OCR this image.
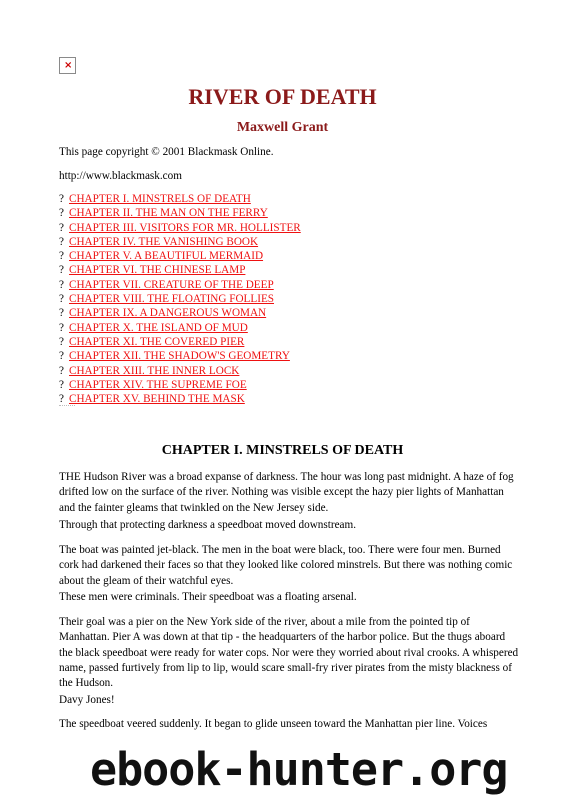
×
RIVER OF DEATH
Maxwell Grant

This page copyright © 2001 Blackmask Online.

http://www.blackmask.com

? CHAPTER I. MINSTRELS OF DEATH
? CHAPTER II. THE MAN ON THE FERRY
? CHAPTER III. VISITORS FOR MR. HOLLISTER
? CHAPTER IV. THE VANISHING BOOK
? CHAPTER V. A BEAUTIFUL MERMAID
? CHAPTER VI. THE CHINESE LAMP
? CHAPTER VII. CREATURE OF THE DEEP
? CHAPTER VIII. THE FLOATING FOLLIES
? CHAPTER IX. A DANGEROUS WOMAN
? CHAPTER X. THE ISLAND OF MUD
? CHAPTER XI. THE COVERED PIER
? CHAPTER XII. THE SHADOW'S GEOMETRY
? CHAPTER XIII. THE INNER LOCK
? CHAPTER XIV. THE SUPREME FOE
? CHAPTER XV. BEHIND THE MASK
CHAPTER I. MINSTRELS OF DEATH

THE Hudson River was a broad expanse of darkness. The hour was long past midnight. A haze of fog drifted low on the surface of the river. Nothing was visible except the hazy pier lights of Manhattan and the fainter gleams that twinkled on the New Jersey side.

Through that protecting darkness a speedboat moved downstream.

The boat was painted jet-black. The men in the boat were black, too. There were four men. Burned cork had darkened their faces so that they looked like colored minstrels. But there was nothing comic about the gleam of their watchful eyes.

These men were criminals. Their speedboat was a floating arsenal.

Their goal was a pier on the New York side of the river, about a mile from the pointed tip of Manhattan. Pier A was down at that tip - the headquarters of the harbor police. But the thugs aboard the black speedboat were ready for water cops. Nor were they worried about rival crooks. A whispered name, passed furtively from lip to lip, would scare small-fry river pirates from the misty blackness of the Hudson.

Davy Jones!

The speedboat veered suddenly. It began to glide unseen toward the Manhattan pier line. Voices

ebook-hunter.org
